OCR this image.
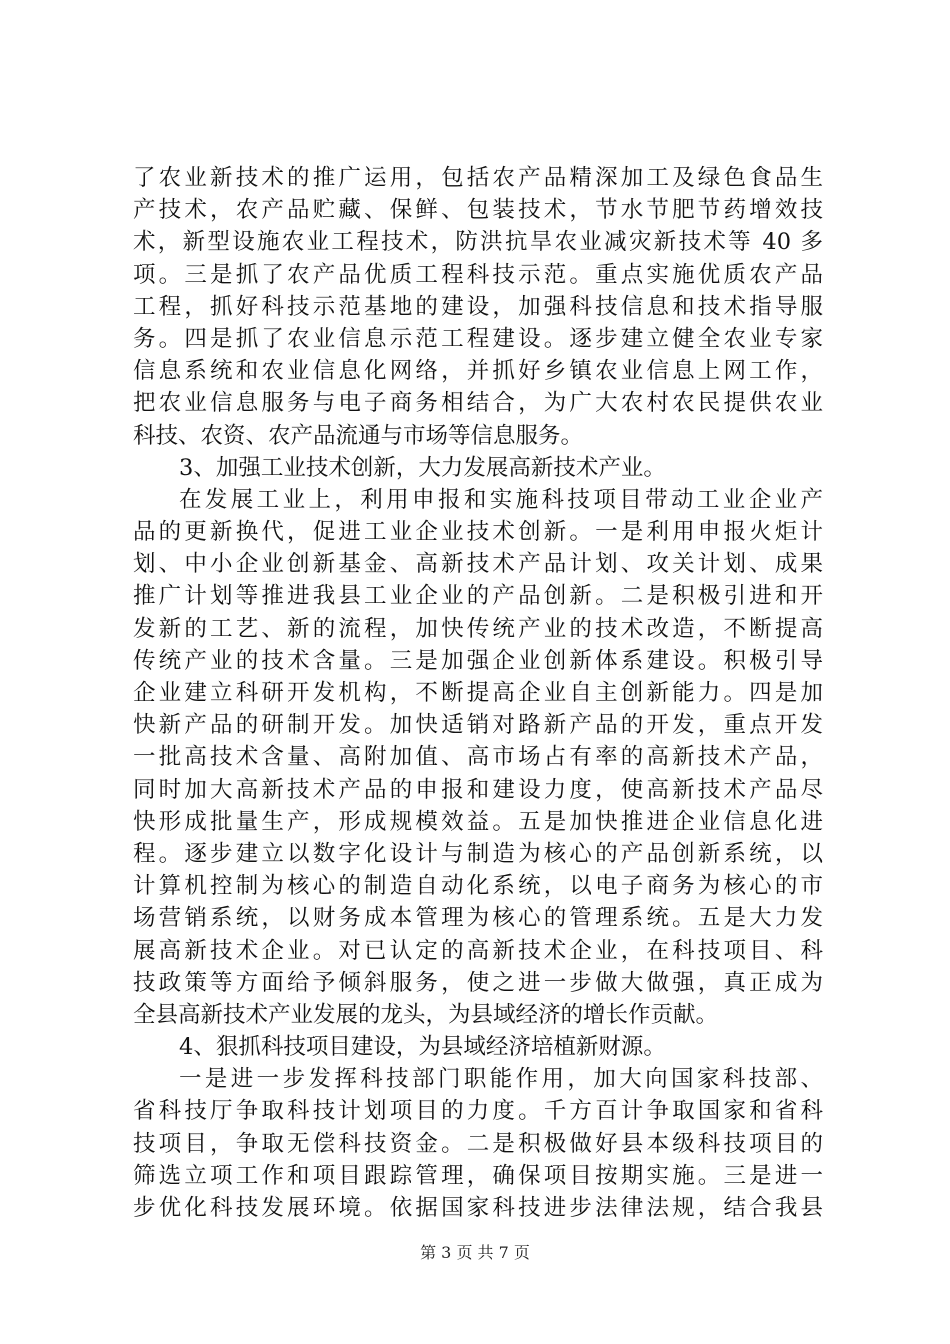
了农业新技术的推广运用，包括农产品精深加工及绿色食品生
产技术，农产品贮藏、保鲜、包装技术，节水节肥节药增效技
术，新型设施农业工程技术，防洪抗旱农业减灾新技术等 40 多
项。三是抓了农产品优质工程科技示范。重点实施优质农产品
工程，抓好科技示范基地的建设，加强科技信息和技术指导服
务。四是抓了农业信息示范工程建设。逐步建立健全农业专家
信息系统和农业信息化网络，并抓好乡镇农业信息上网工作，
把农业信息服务与电子商务相结合，为广大农村农民提供农业
科技、农资、农产品流通与市场等信息服务。
3、加强工业技术创新，大力发展高新技术产业。
在发展工业上，利用申报和实施科技项目带动工业企业产
品的更新换代，促进工业企业技术创新。一是利用申报火炬计
划、中小企业创新基金、高新技术产品计划、攻关计划、成果
推广计划等推进我县工业企业的产品创新。二是积极引进和开
发新的工艺、新的流程，加快传统产业的技术改造，不断提高
传统产业的技术含量。三是加强企业创新体系建设。积极引导
企业建立科研开发机构，不断提高企业自主创新能力。四是加
快新产品的研制开发。加快适销对路新产品的开发，重点开发
一批高技术含量、高附加值、高市场占有率的高新技术产品，
同时加大高新技术产品的申报和建设力度，使高新技术产品尽
快形成批量生产，形成规模效益。五是加快推进企业信息化进
程。逐步建立以数字化设计与制造为核心的产品创新系统，以
计算机控制为核心的制造自动化系统，以电子商务为核心的市
场营销系统，以财务成本管理为核心的管理系统。五是大力发
展高新技术企业。对已认定的高新技术企业，在科技项目、科
技政策等方面给予倾斜服务，使之进一步做大做强，真正成为
全县高新技术产业发展的龙头，为县域经济的增长作贡献。
4、狠抓科技项目建设，为县域经济培植新财源。
一是进一步发挥科技部门职能作用，加大向国家科技部、
省科技厅争取科技计划项目的力度。千方百计争取国家和省科
技项目，争取无偿科技资金。二是积极做好县本级科技项目的
筛选立项工作和项目跟踪管理，确保项目按期实施。三是进一
步优化科技发展环境。依据国家科技进步法律法规，结合我县
第 3 页 共 7 页
